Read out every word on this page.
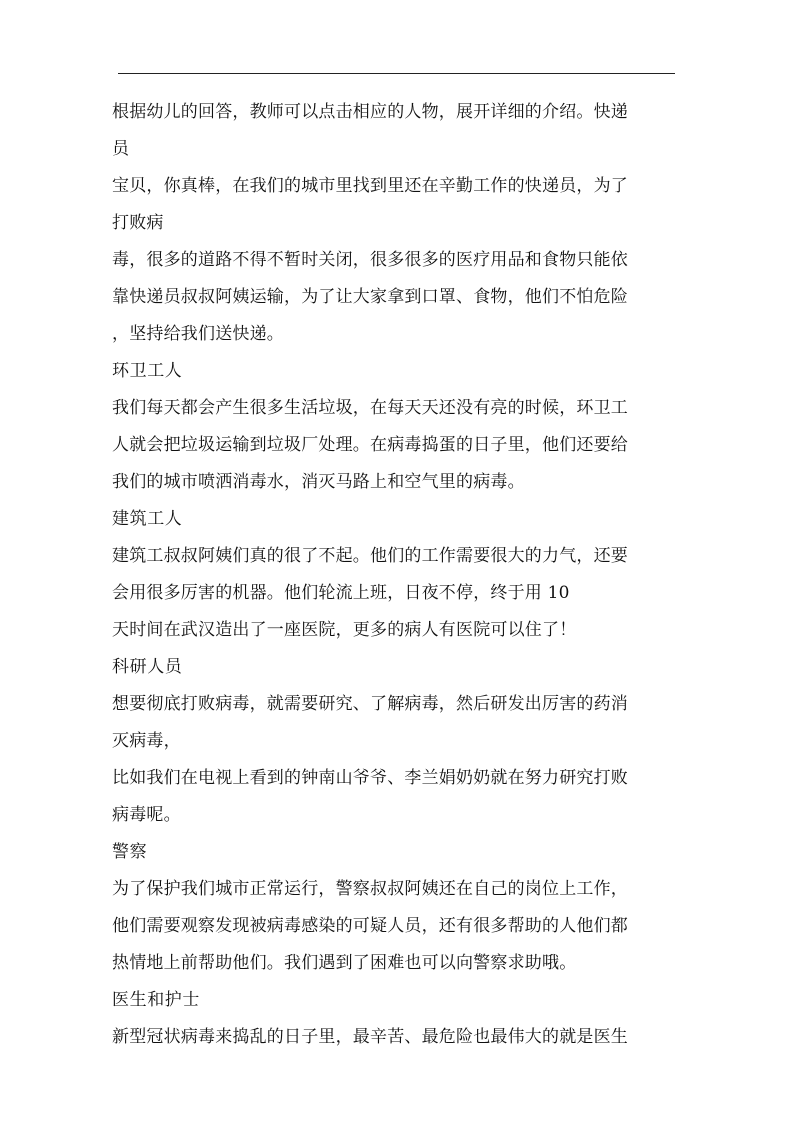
根据幼儿的回答，教师可以点击相应的人物，展开详细的介绍。快递
员
宝贝，你真棒，在我们的城市里找到里还在辛勤工作的快递员，为了
打败病
毒，很多的道路不得不暂时关闭，很多很多的医疗用品和食物只能依
靠快递员叔叔阿姨运输，为了让大家拿到口罩、食物，他们不怕危险
，坚持给我们送快递。
环卫工人
我们每天都会产生很多生活垃圾，在每天天还没有亮的时候，环卫工
人就会把垃圾运输到垃圾厂处理。在病毒捣蛋的日子里，他们还要给
我们的城市喷洒消毒水，消灭马路上和空气里的病毒。
建筑工人
建筑工叔叔阿姨们真的很了不起。他们的工作需要很大的力气，还要
会用很多厉害的机器。他们轮流上班，日夜不停，终于用 10
天时间在武汉造出了一座医院，更多的病人有医院可以住了！
科研人员
想要彻底打败病毒，就需要研究、了解病毒，然后研发出厉害的药消
灭病毒，
比如我们在电视上看到的钟南山爷爷、李兰娟奶奶就在努力研究打败
病毒呢。
警察
为了保护我们城市正常运行，警察叔叔阿姨还在自己的岗位上工作，
他们需要观察发现被病毒感染的可疑人员，还有很多帮助的人他们都
热情地上前帮助他们。我们遇到了困难也可以向警察求助哦。
医生和护士
新型冠状病毒来捣乱的日子里，最辛苦、最危险也最伟大的就是医生
